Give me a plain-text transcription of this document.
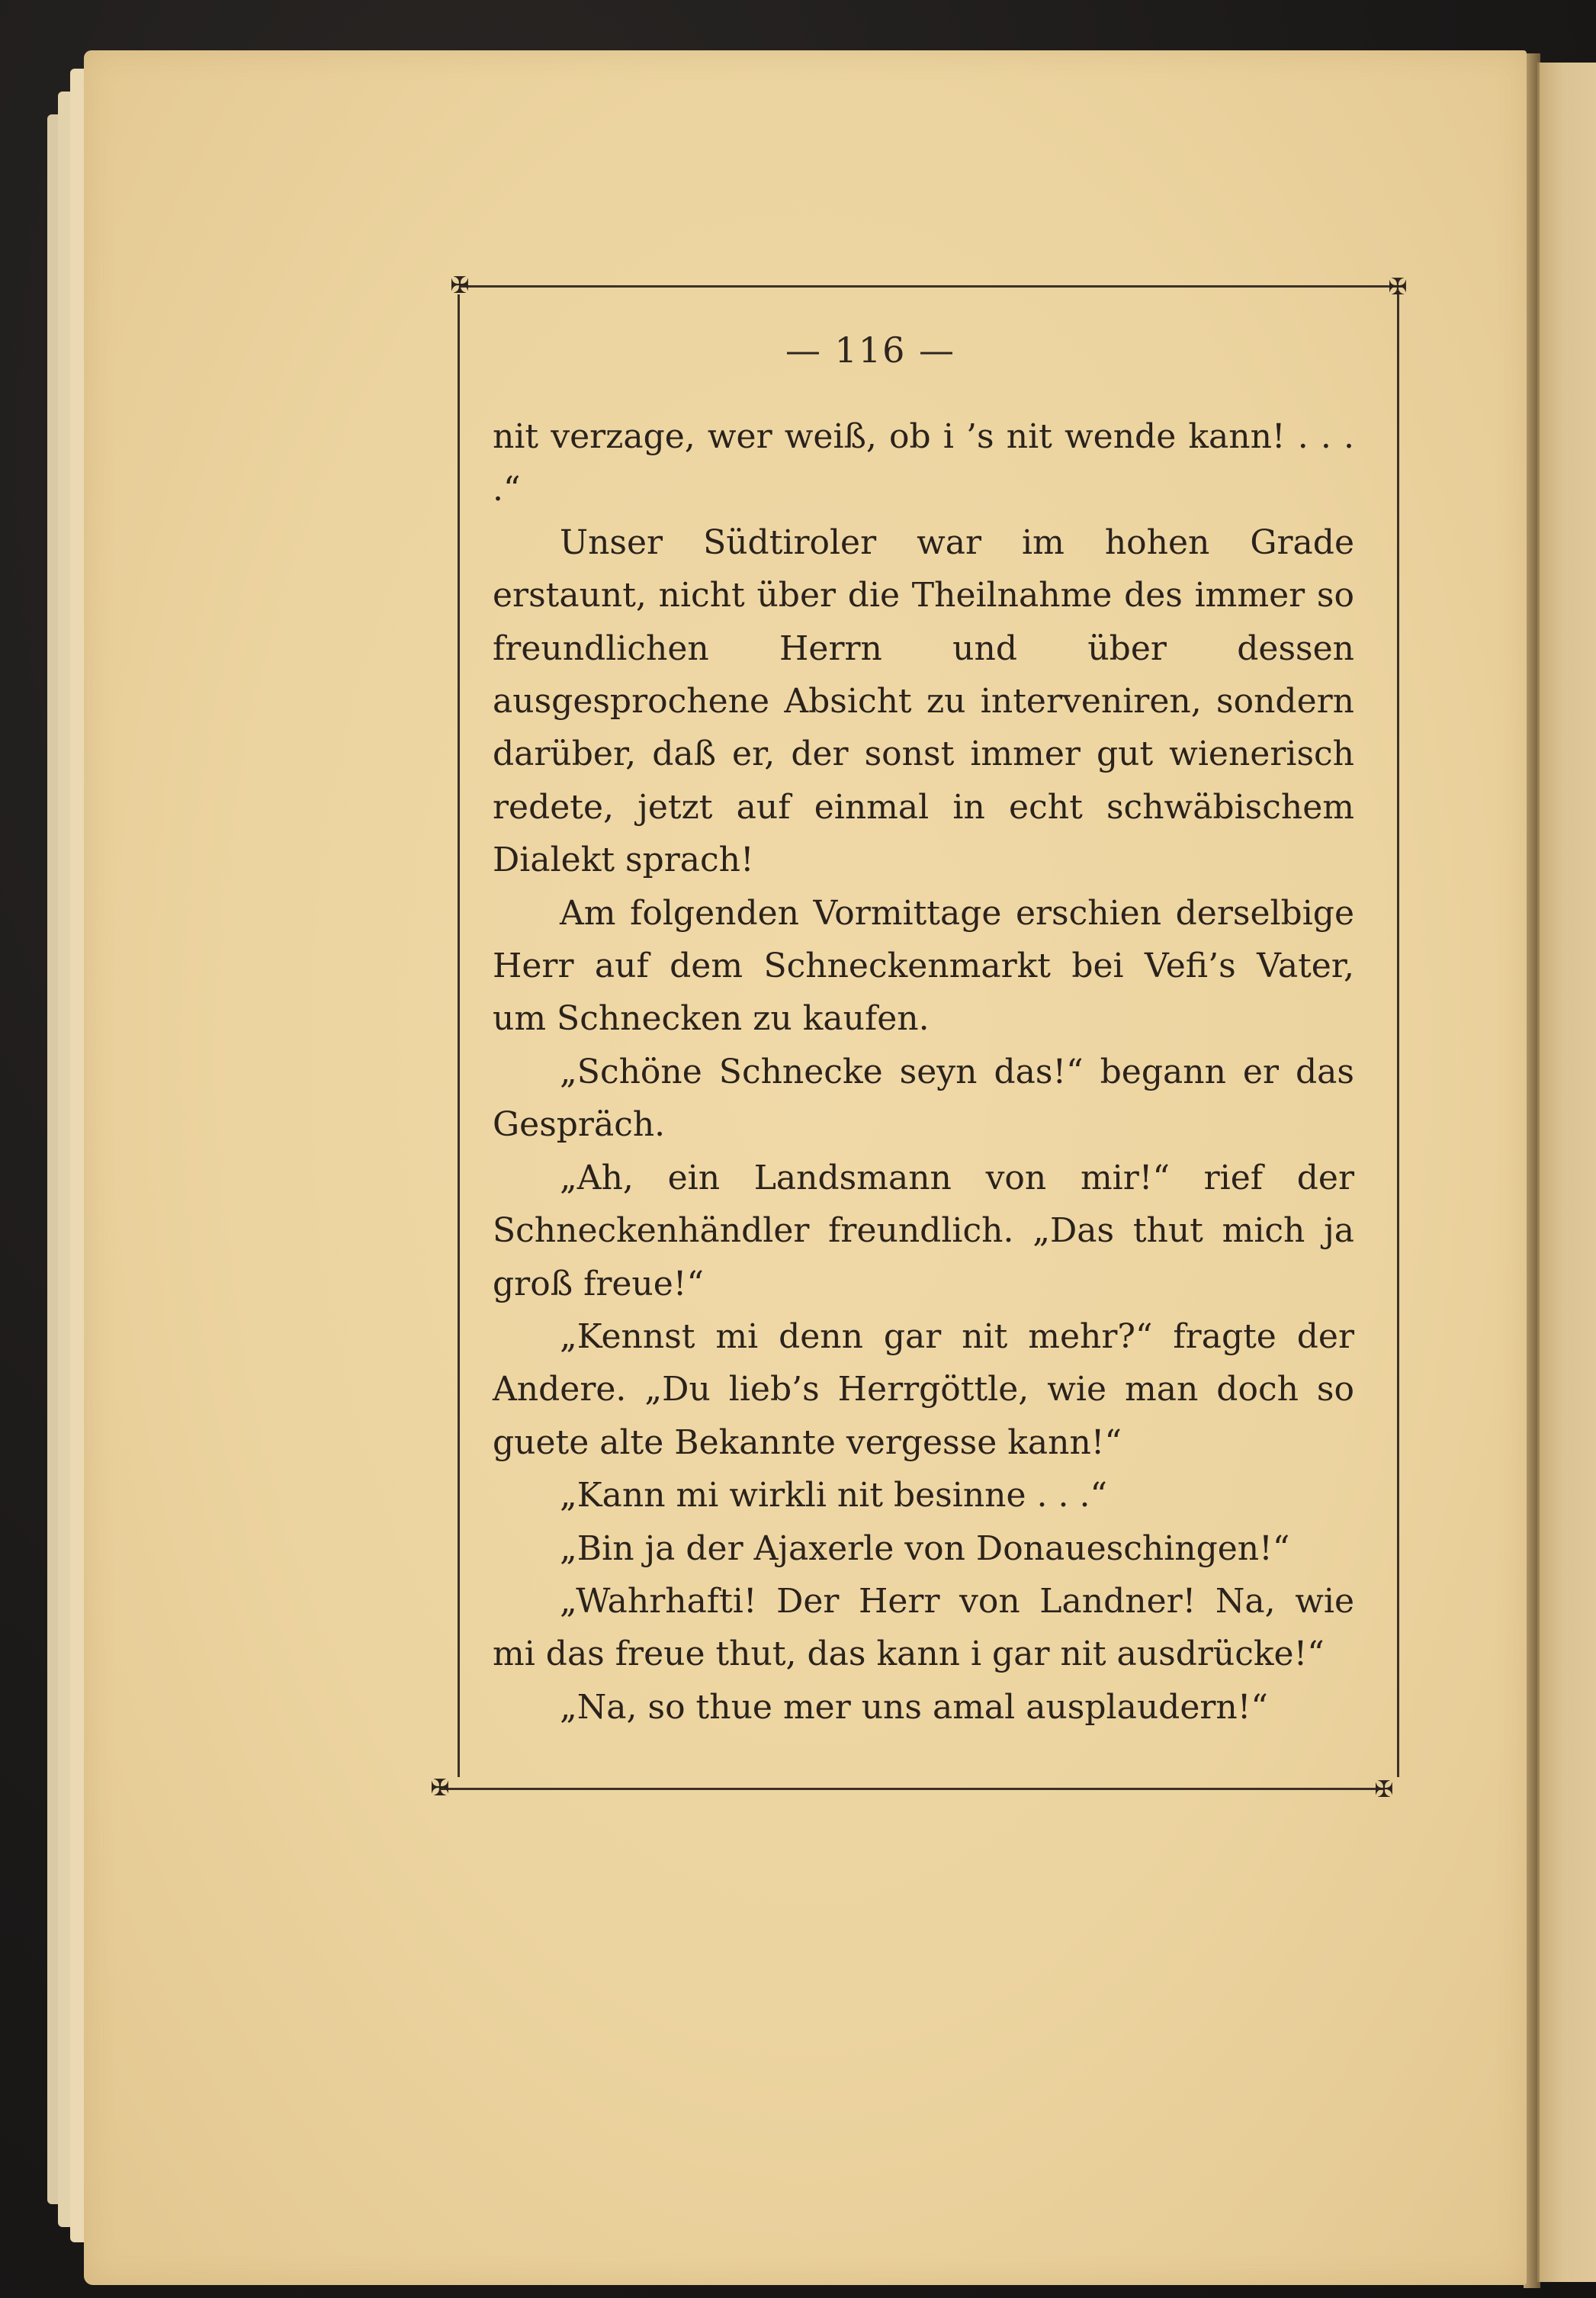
✠	✠
✠	✠
— 116 —

nit verzage, wer weiß, ob i ’s nit wende kann! . . . .“

Unser Südtiroler war im hohen Grade erstaunt, nicht über die Theilnahme des immer so freundlichen Herrn und über dessen ausgesprochene Absicht zu interveniren, sondern darüber, daß er, der sonst immer gut wienerisch redete, jetzt auf einmal in echt schwäbischem Dialekt sprach!

Am folgenden Vormittage erschien derselbige Herr auf dem Schneckenmarkt bei Vefi’s Vater, um Schnecken zu kaufen.

„Schöne Schnecke seyn das!“ begann er das Gespräch.

„Ah, ein Landsmann von mir!“ rief der Schneckenhändler freundlich. „Das thut mich ja groß freue!“

„Kennst mi denn gar nit mehr?“ fragte der Andere. „Du lieb’s Herrgöttle, wie man doch so guete alte Bekannte vergesse kann!“

„Kann mi wirkli nit besinne . . .“

„Bin ja der Ajaxerle von Donaueschingen!“

„Wahrhafti! Der Herr von Landner! Na, wie mi das freue thut, das kann i gar nit ausdrücke!“

„Na, so thue mer uns amal ausplaudern!“
